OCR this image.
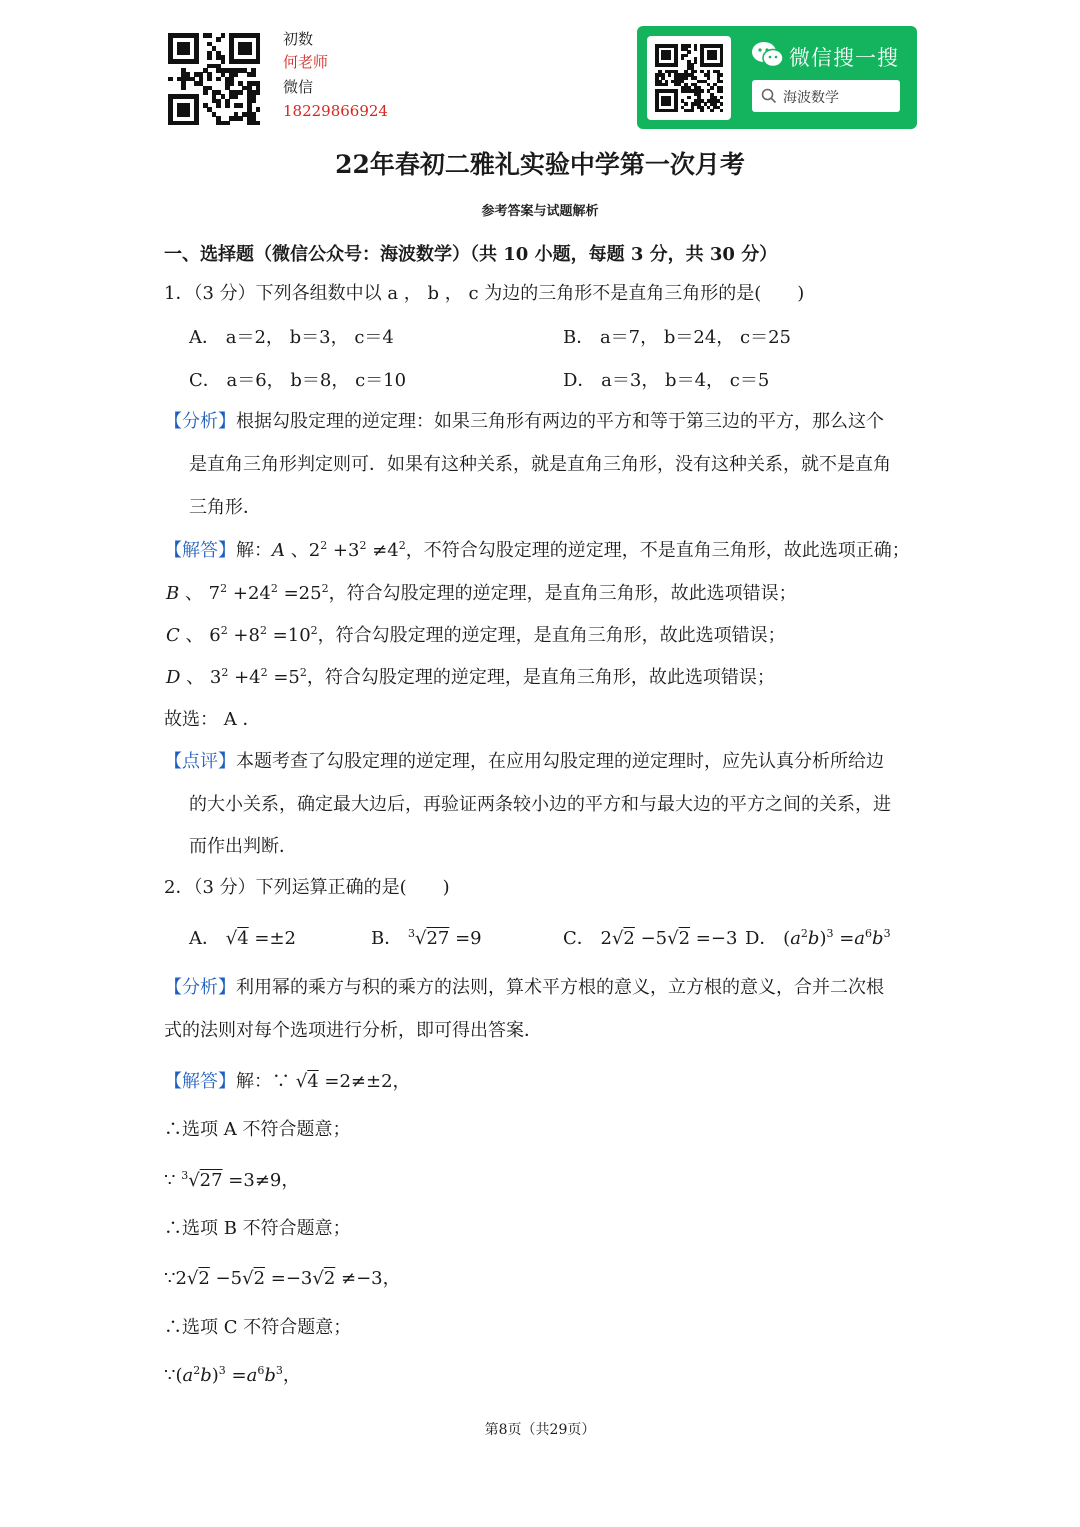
初数
何老师
微信
18229866924
微信搜一搜
海波数学
22年春初二雅礼实验中学第一次月考
参考答案与试题解析
一、选择题（微信公众号：海波数学）（共 10 小题，每题 3 分，共 30 分）
1．（3 分）下列各组数中以 a ， b ， c 为边的三角形不是直角三角形的是(　　)
A． a＝2， b＝3， c＝4	B． a＝7， b＝24， c＝25
C． a＝6， b＝8， c＝10	D． a＝3， b＝4， c＝5
【分析】根据勾股定理的逆定理：如果三角形有两边的平方和等于第三边的平方，那么这个
是直角三角形判定则可．如果有这种关系，就是直角三角形，没有这种关系，就不是直角
三角形．
【解答】解：A 、$2^2 +3^2 \ne 4^2$，不符合勾股定理的逆定理，不是直角三角形，故此选项正确；
B 、 $7^2 +24^2 =25^2$，符合勾股定理的逆定理，是直角三角形，故此选项错误；
C 、 $6^2 +8^2 =10^2$，符合勾股定理的逆定理，是直角三角形，故此选项错误；
D 、 $3^2 +4^2 =5^2$，符合勾股定理的逆定理，是直角三角形，故此选项错误；
故选： A ．
【点评】本题考查了勾股定理的逆定理，在应用勾股定理的逆定理时，应先认真分析所给边
的大小关系，确定最大边后，再验证两条较小边的平方和与最大边的平方之间的关系，进
而作出判断．
2．（3 分）下列运算正确的是(　　)
A． √4 =±2	B． $^3$√27 =9	C． 2√2 −5√2 =−3 D． $(a^2b)^3 =a^6b^3$
【分析】利用幂的乘方与积的乘方的法则，算术平方根的意义，立方根的意义，合并二次根
式的法则对每个选项进行分析，即可得出答案．
【解答】解：∵ √4 =2≠±2，
∴选项 A 不符合题意；
∵ $^3$√27 =3≠9，
∴选项 B 不符合题意；
∵2√2 −5√2 =−3√2 ≠−3，
∴选项 C 不符合题意；
$\because(a^2b)^3 =a^6b^3$，
第8页（共29页）
